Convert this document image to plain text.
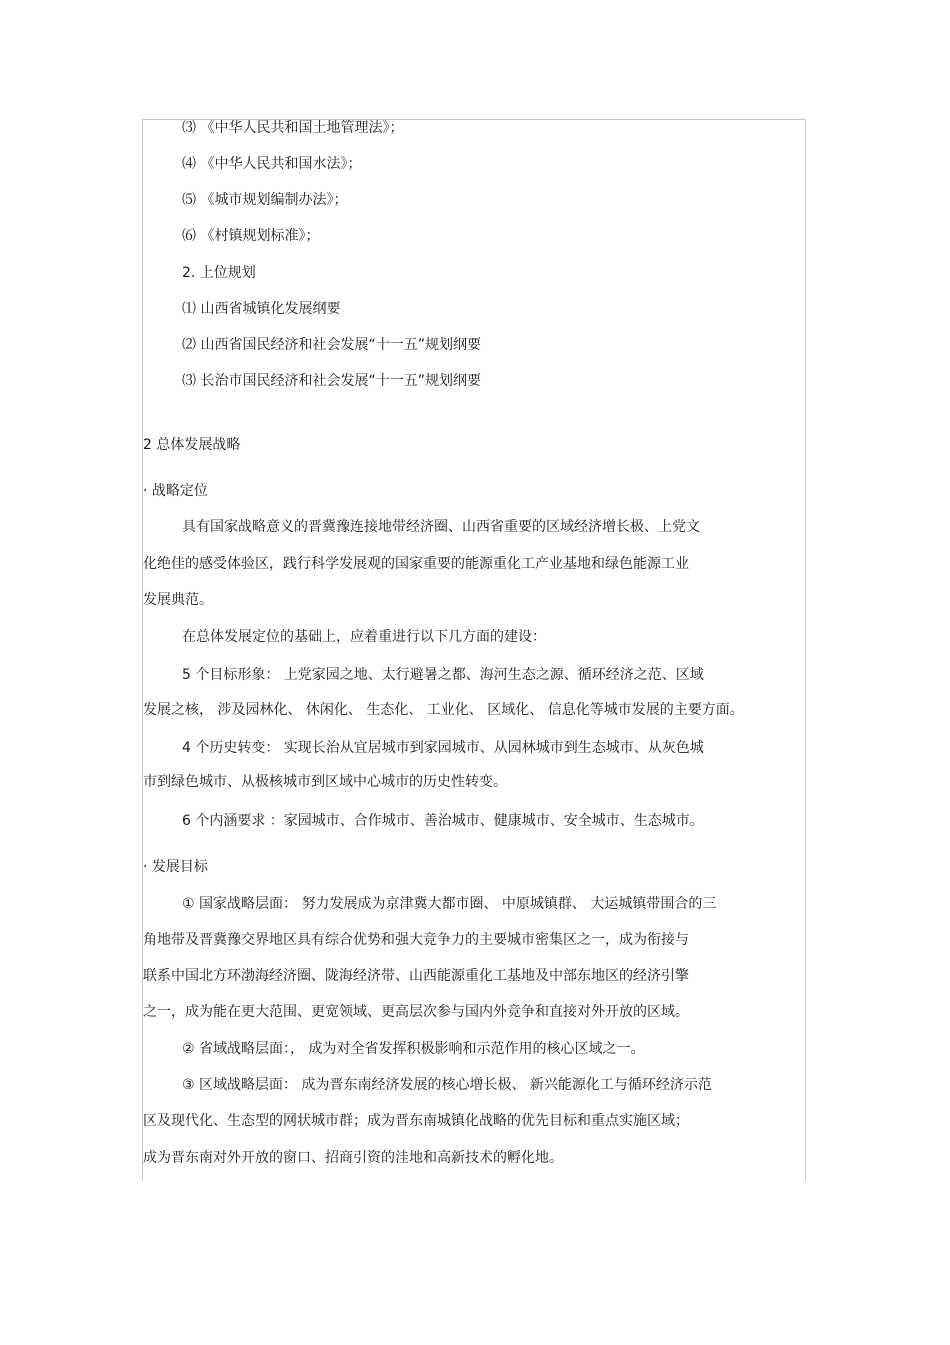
⑶ 《中华人民共和国土地管理法》；
⑷ 《中华人民共和国水法》；
⑸ 《城市规划编制办法》；
⑹ 《村镇规划标准》；
2. 上位规划
⑴ 山西省城镇化发展纲要
⑵ 山西省国民经济和社会发展“十一五”规划纲要
⑶ 长治市国民经济和社会发展“十一五”规划纲要
2 总体发展战略
· 战略定位
具有国家战略意义的晋冀豫连接地带经济圈、山西省重要的区域经济增长极、上党文
化绝佳的感受体验区，践行科学发展观的国家重要的能源重化工产业基地和绿色能源工业
发展典范。
在总体发展定位的基础上，应着重进行以下几方面的建设：
5 个目标形象： 上党家园之地、太行避暑之都、海河生态之源、循环经济之范、区域
发展之核， 涉及园林化、 休闲化、 生态化、 工业化、 区域化、 信息化等城市发展的主要方面。
4 个历史转变： 实现长治从宜居城市到家园城市、从园林城市到生态城市、从灰色城
市到绿色城市、从极核城市到区域中心城市的历史性转变。
6 个内涵要求 ：家园城市、合作城市、善治城市、健康城市、安全城市、生态城市。
· 发展目标
① 国家战略层面： 努力发展成为京津冀大都市圈、 中原城镇群、 大运城镇带围合的三
角地带及晋冀豫交界地区具有综合优势和强大竞争力的主要城市密集区之一，成为衔接与
联系中国北方环渤海经济圈、陇海经济带、山西能源重化工基地及中部东地区的经济引擎
之一，成为能在更大范围、更宽领域、更高层次参与国内外竞争和直接对外开放的区域。
② 省域战略层面：， 成为对全省发挥积极影响和示范作用的核心区域之一。
③ 区域战略层面： 成为晋东南经济发展的核心增长极、 新兴能源化工与循环经济示范
区及现代化、生态型的网状城市群；成为晋东南城镇化战略的优先目标和重点实施区域；
成为晋东南对外开放的窗口、招商引资的洼地和高新技术的孵化地。
